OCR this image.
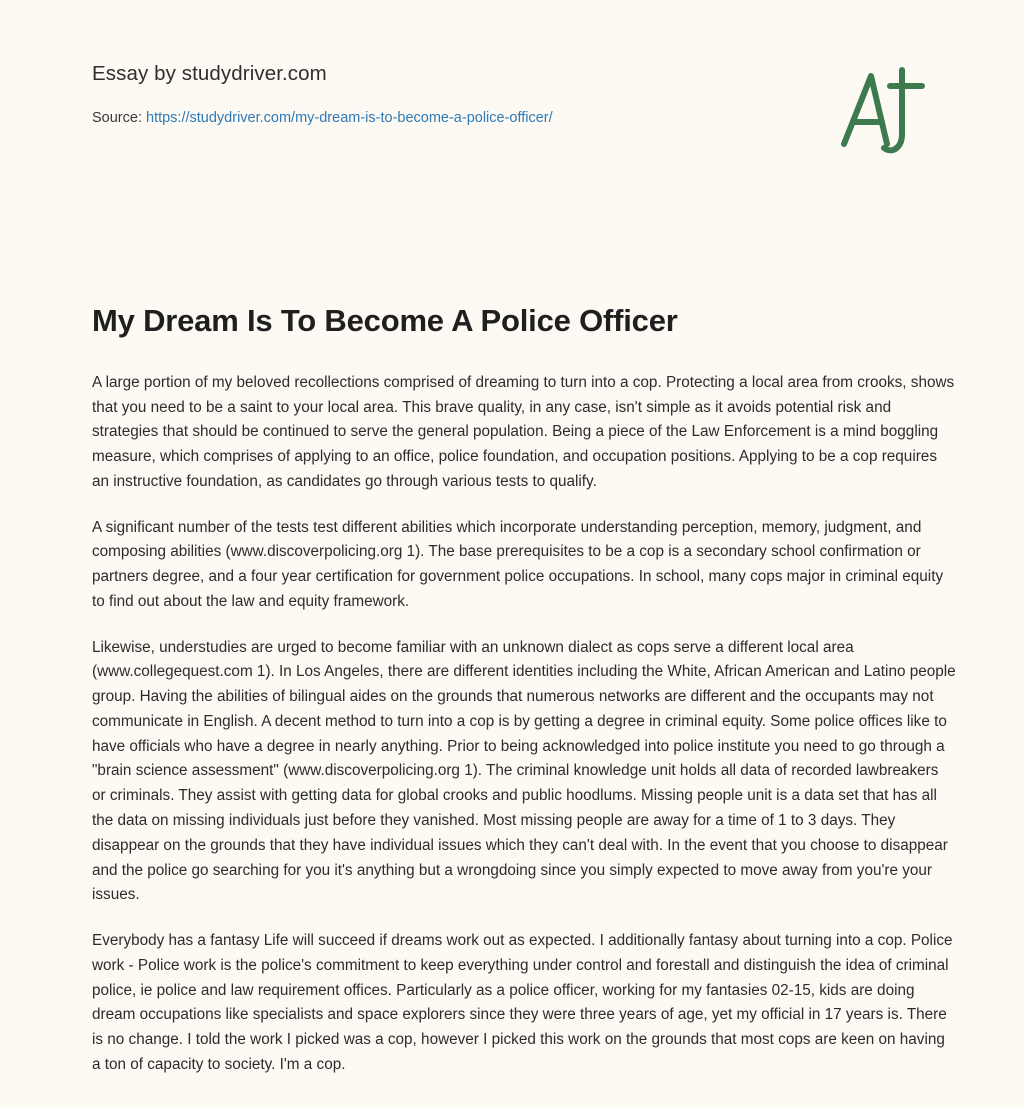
Essay by studydriver.com
Source: https://studydriver.com/my-dream-is-to-become-a-police-officer/
My Dream Is To Become A Police Officer

A large portion of my beloved recollections comprised of dreaming to turn into a cop. Protecting a local area from crooks, shows that you need to be a saint to your local area. This brave quality, in any case, isn't simple as it avoids potential risk and strategies that should be continued to serve the general population. Being a piece of the Law Enforcement is a mind boggling measure, which comprises of applying to an office, police foundation, and occupation positions. Applying to be a cop requires an instructive foundation, as candidates go through various tests to qualify.

A significant number of the tests test different abilities which incorporate understanding perception, memory, judgment, and composing abilities (www.discoverpolicing.org 1). The base prerequisites to be a cop is a secondary school confirmation or partners degree, and a four year certification for government police occupations. In school, many cops major in criminal equity to find out about the law and equity framework.

Likewise, understudies are urged to become familiar with an unknown dialect as cops serve a different local area (www.collegequest.com 1). In Los Angeles, there are different identities including the White, African American and Latino people group. Having the abilities of bilingual aides on the grounds that numerous networks are different and the occupants may not communicate in English. A decent method to turn into a cop is by getting a degree in criminal equity. Some police offices like to have officials who have a degree in nearly anything. Prior to being acknowledged into police institute you need to go through a "brain science assessment" (www.discoverpolicing.org 1). The criminal knowledge unit holds all data of recorded lawbreakers or criminals. They assist with getting data for global crooks and public hoodlums. Missing people unit is a data set that has all the data on missing individuals just before they vanished. Most missing people are away for a time of 1 to 3 days. They disappear on the grounds that they have individual issues which they can't deal with. In the event that you choose to disappear and the police go searching for you it's anything but a wrongdoing since you simply expected to move away from you're your issues.

Everybody has a fantasy Life will succeed if dreams work out as expected. I additionally fantasy about turning into a cop. Police work - Police work is the police's commitment to keep everything under control and forestall and distinguish the idea of criminal police, ie police and law requirement offices. Particularly as a police officer, working for my fantasies 02-15, kids are doing dream occupations like specialists and space explorers since they were three years of age, yet my official in 17 years is. There is no change. I told the work I picked was a cop, however I picked this work on the grounds that most cops are keen on having a ton of capacity to society. I'm a cop.
